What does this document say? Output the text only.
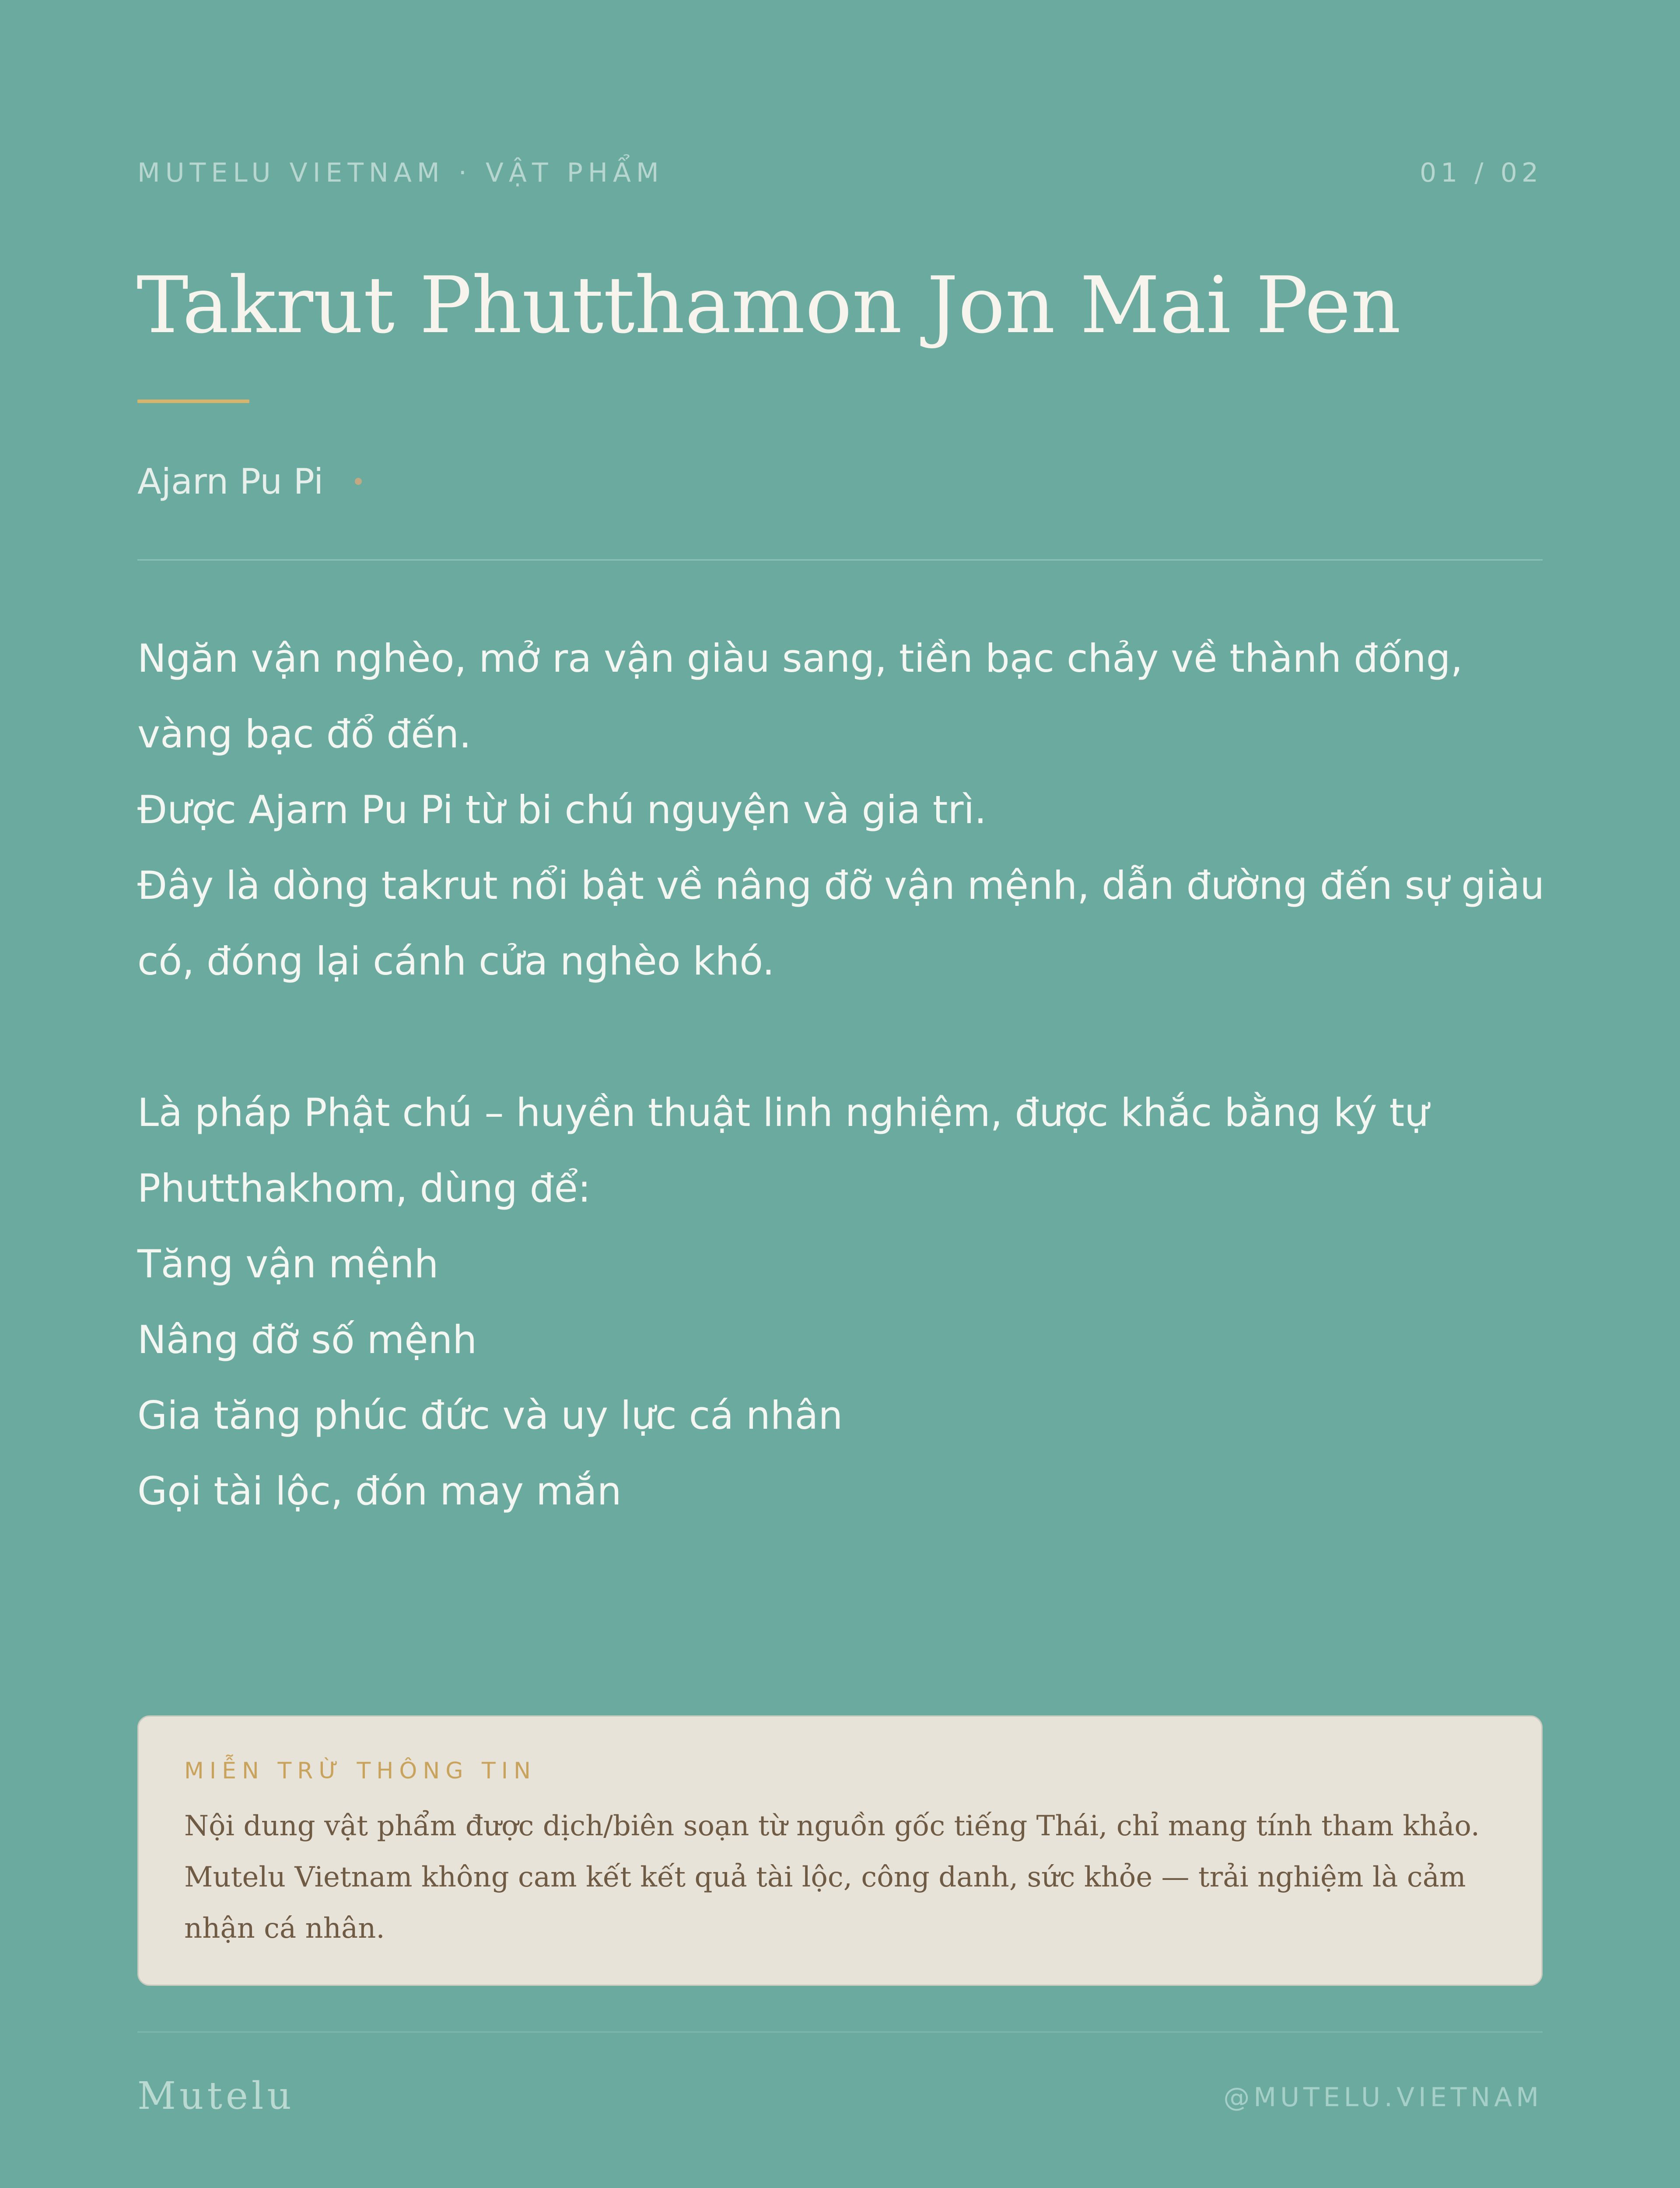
MUTELU VIETNAM · VẬT PHẨM	01 / 02
Takrut Phutthamon Jon Mai Pen
Ajarn Pu Pi

Ngăn vận nghèo, mở ra vận giàu sang, tiền bạc chảy về thành đống, vàng bạc đổ đến.

Được Ajarn Pu Pi từ bi chú nguyện và gia trì.

Đây là dòng takrut nổi bật về nâng đỡ vận mệnh, dẫn đường đến sự giàu có, đóng lại cánh cửa nghèo khó.

Là pháp Phật chú – huyền thuật linh nghiệm, được khắc bằng ký tự Phutthakhom, dùng để:

Tăng vận mệnh

Nâng đỡ số mệnh

Gia tăng phúc đức và uy lực cá nhân

Gọi tài lộc, đón may mắn

MIỄN TRỪ THÔNG TIN

Nội dung vật phẩm được dịch/biên soạn từ nguồn gốc tiếng Thái, chỉ mang tính tham khảo. Mutelu Vietnam không cam kết kết quả tài lộc, công danh, sức khỏe — trải nghiệm là cảm nhận cá nhân.

Mutelu	@MUTELU.VIETNAM
